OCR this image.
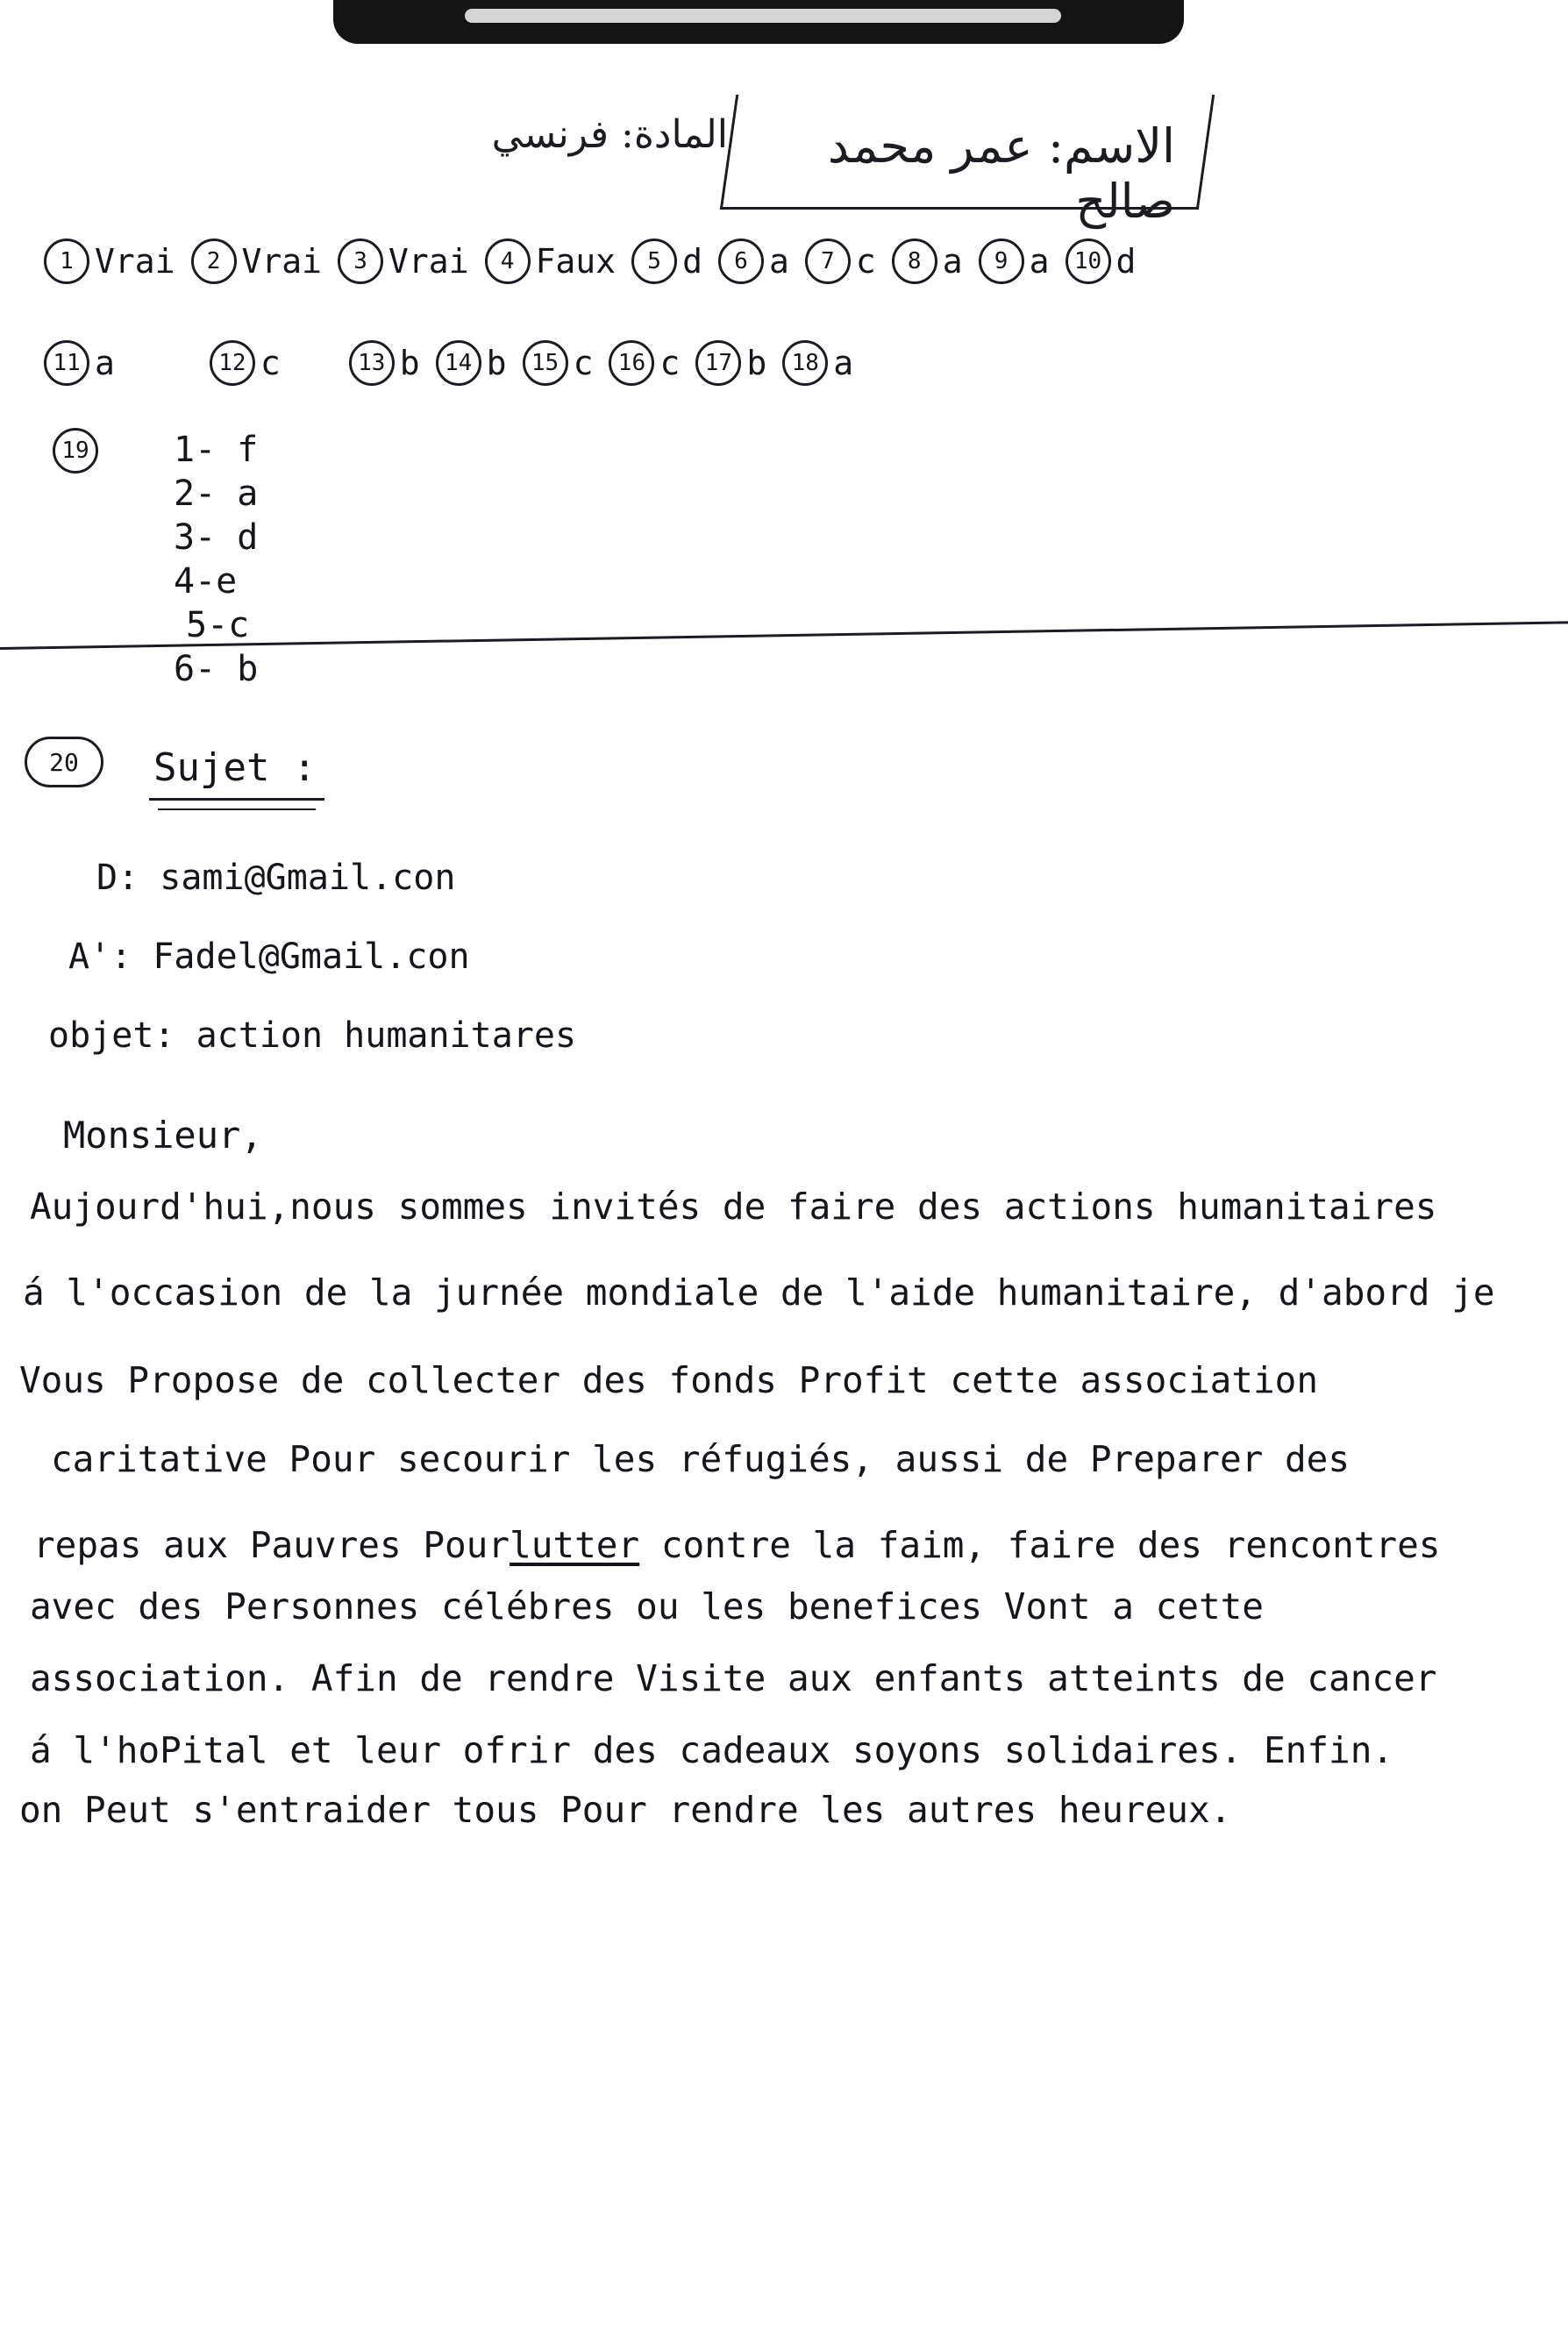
الاسم: عمر محمد صالح
المادة: فرنسي
1 Vrai	2 Vrai	3 Vrai	4 Faux	5 d	6 a	7 c	8 a	9 a	10 d
11 a	12 c	13 b	14 b	15 c	16 c	17 b	18 a
19 1- f
2- a
3- d
4-e
5-c
6- b
20	Sujet :
D: sami@Gmail.con
A': Fadel@Gmail.con
objet: action humanitares
Monsieur,
Aujourd'hui,nous sommes invités de faire des actions humanitaires
á l'occasion de la jurnée mondiale de l'aide humanitaire, d'abord je
Vous Propose de collecter des fonds Profit cette association
caritative Pour secourir les réfugiés, aussi de Preparer des
repas aux Pauvres Pourlutter contre la faim, faire des rencontres
avec des Personnes célébres ou les benefices Vont a cette
association. Afin de rendre Visite aux enfants atteints de cancer
á l'hoPital et leur ofrir des cadeaux soyons solidaires. Enfin.
on Peut s'entraider tous Pour rendre les autres heureux.
